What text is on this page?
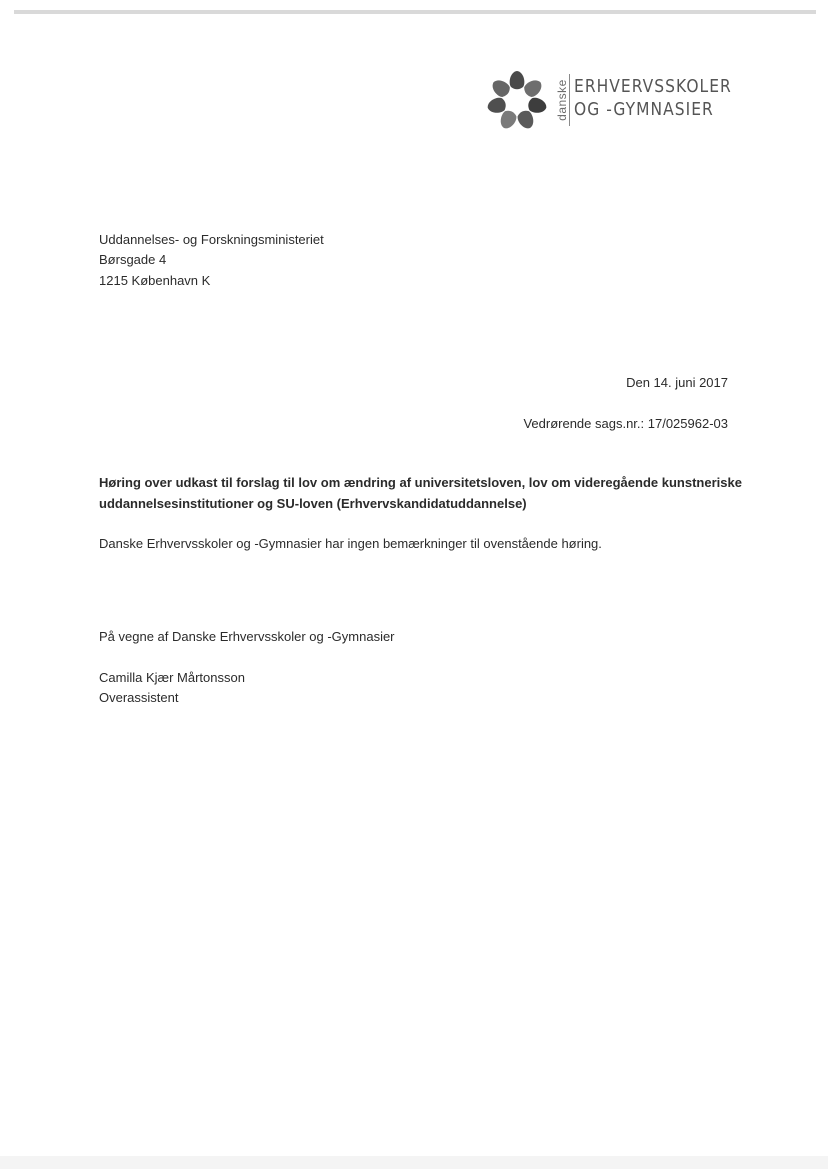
danske ERHVERVSSKOLER
OG -GYMNASIER
Uddannelses- og Forskningsministeriet
Børsgade 4
1215 København K
Den 14. juni 2017
Vedrørende sags.nr.: 17/025962-03
Høring over udkast til forslag til lov om ændring af universitetsloven, lov om videregående kunstneriske
uddannelsesinstitutioner og SU-loven (Erhvervskandidatuddannelse)
Danske Erhvervsskoler og -Gymnasier har ingen bemærkninger til ovenstående høring.
På vegne af Danske Erhvervsskoler og -Gymnasier
Camilla Kjær Mårtonsson
Overassistent
